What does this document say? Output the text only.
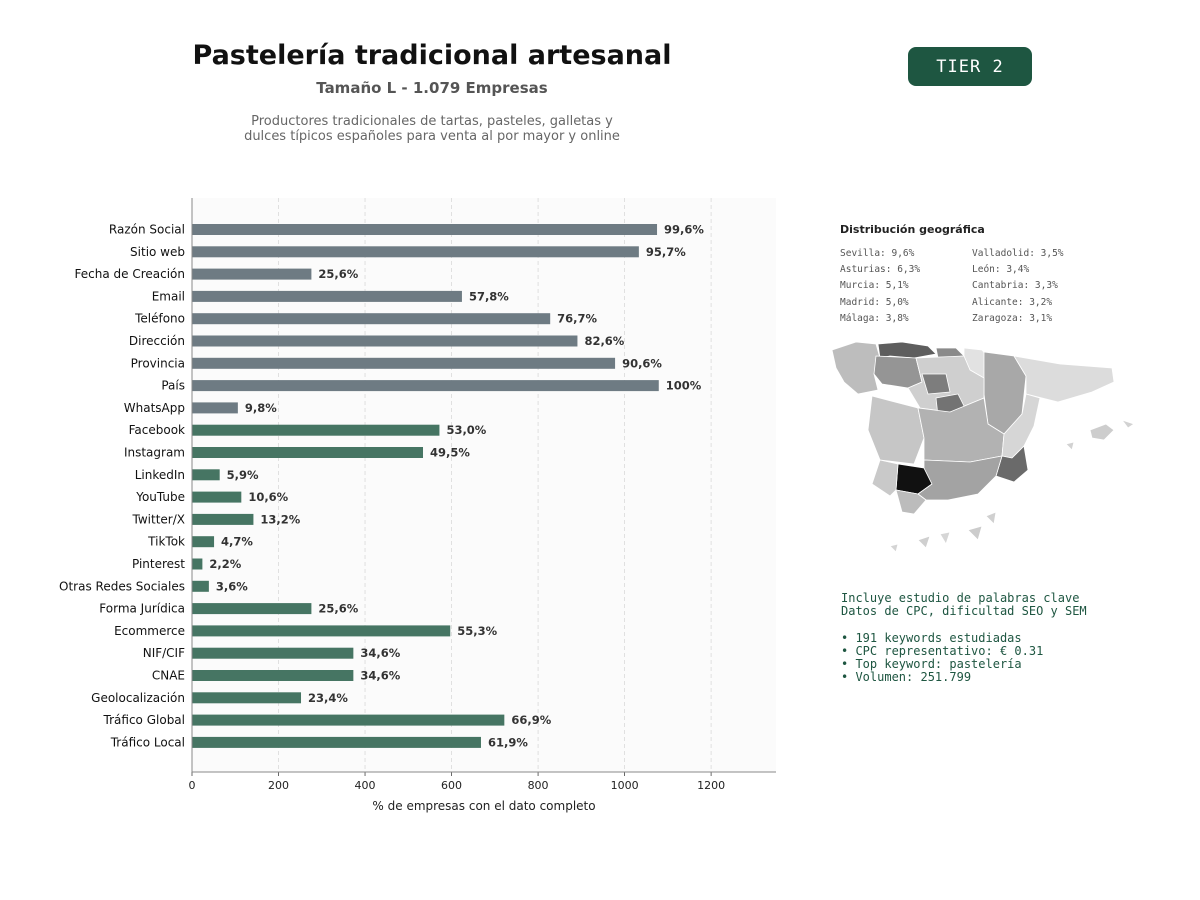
Pastelería tradicional artesanal
Tamaño L - 1.079 Empresas
Productores tradicionales de tartas, pasteles, galletas y dulces típicos españoles para venta al por mayor y online
TIER 2
0	200	400	600	800	1000	1200
Razón Social	99,6%
Sitio web	95,7%
Fecha de Creación	25,6%
Email	57,8%
Teléfono	76,7%
Dirección	82,6%
Provincia	90,6%
País	100%
WhatsApp	9,8%
Facebook	53,0%
Instagram	49,5%
LinkedIn	5,9%
YouTube	10,6%
Twitter/X	13,2%
TikTok	4,7%
Pinterest 2,2%
Otras Redes Sociales	3,6%
Forma Jurídica	25,6%
Ecommerce	55,3%
NIF/CIF	34,6%
CNAE	34,6%
Geolocalización	23,4%
Tráfico Global	66,9%
Tráfico Local	61,9%
% de empresas con el dato completo
Distribución geográfica
Sevilla: 9,6%
Asturias: 6,3%
Murcia: 5,1%
Madrid: 5,0%
Málaga: 3,8%
Valladolid: 3,5%
León: 3,4%
Cantabria: 3,3%
Alicante: 3,2%
Zaragoza: 3,1%
Incluye estudio de palabras clave
Datos de CPC, dificultad SEO y SEM
• 191 keywords estudiadas
• CPC representativo: € 0.31
• Top keyword: pastelería
• Volumen: 251.799
